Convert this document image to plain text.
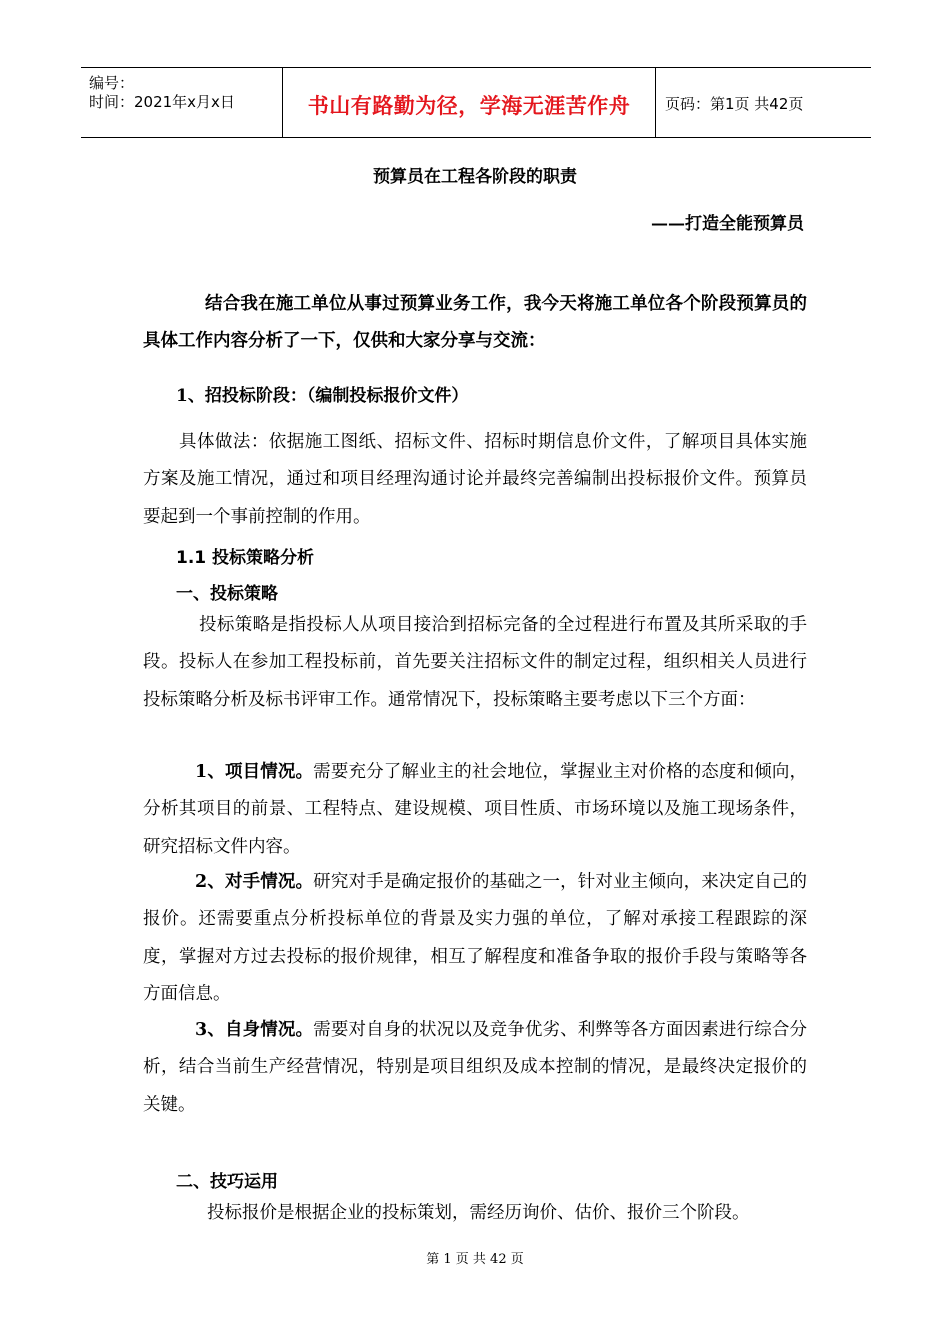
编号：
时间：2021年x月x日	书山有路勤为径，学海无涯苦作舟	页码：第1页 共42页
预算员在工程各阶段的职责
——打造全能预算员

结合我在施工单位从事过预算业务工作，我今天将施工单位各个阶段预算员的具体工作内容分析了一下，仅供和大家分享与交流：

1、招投标阶段：（编制投标报价文件）

具体做法：依据施工图纸、招标文件、招标时期信息价文件，了解项目具体实施方案及施工情况，通过和项目经理沟通讨论并最终完善编制出投标报价文件。预算员要起到一个事前控制的作用。

1.1 投标策略分析

一、投标策略

投标策略是指投标人从项目接洽到招标完备的全过程进行布置及其所采取的手段。投标人在参加工程投标前，首先要关注招标文件的制定过程，组织相关人员进行投标策略分析及标书评审工作。通常情况下，投标策略主要考虑以下三个方面：

1、项目情况。需要充分了解业主的社会地位，掌握业主对价格的态度和倾向，分析其项目的前景、工程特点、建设规模、项目性质、市场环境以及施工现场条件，研究招标文件内容。

2、对手情况。研究对手是确定报价的基础之一，针对业主倾向，来决定自己的报价。还需要重点分析投标单位的背景及实力强的单位，了解对承接工程跟踪的深度，掌握对方过去投标的报价规律，相互了解程度和准备争取的报价手段与策略等各方面信息。

3、自身情况。需要对自身的状况以及竞争优劣、利弊等各方面因素进行综合分析，结合当前生产经营情况，特别是项目组织及成本控制的情况，是最终决定报价的关键。

二、技巧运用

投标报价是根据企业的投标策划，需经历询价、估价、报价三个阶段。

第 1 页 共 42 页
